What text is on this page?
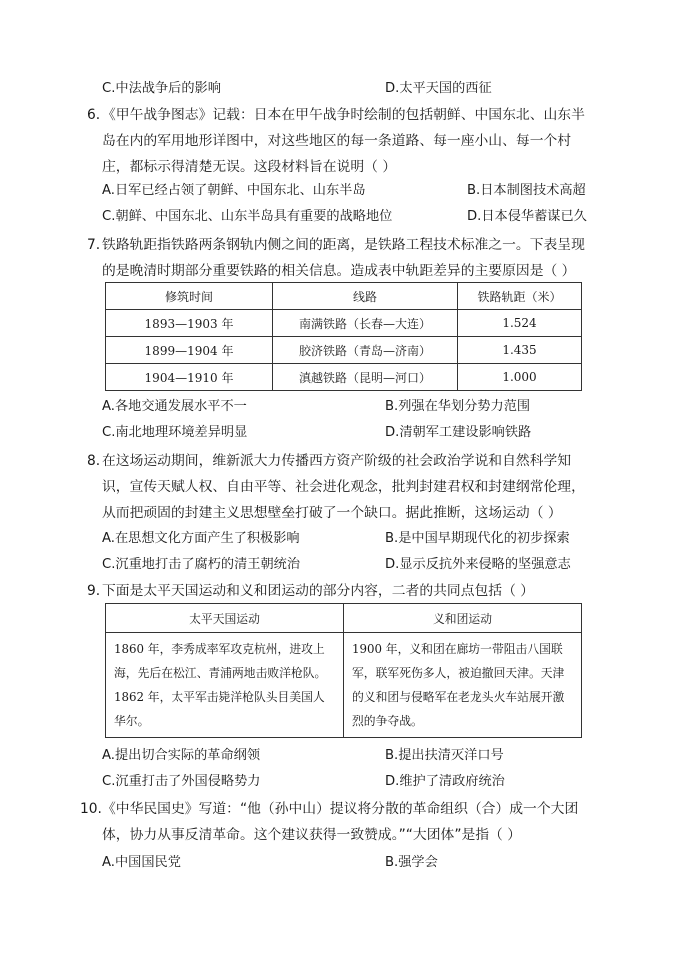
C.中法战争后的影响	D.太平天国的西征
6. 《甲午战争图志》记载：日本在甲午战争时绘制的包括朝鲜、中国东北、山东半岛在内的军用地形详图中，对这些地区的每一条道路、每一座小山、每一个村庄，都标示得清楚无误。这段材料旨在说明（ ）
A.日军已经占领了朝鲜、中国东北、山东半岛	B.日本制图技术高超
C.朝鲜、中国东北、山东半岛具有重要的战略地位	D.日本侵华蓄谋已久
7. 铁路轨距指铁路两条钢轨内侧之间的距离，是铁路工程技术标准之一。下表呈现的是晚清时期部分重要铁路的相关信息。造成表中轨距差异的主要原因是（ ）
修筑时间	线路	铁路轨距（米）
1893—1903 年	南满铁路（长春—大连）	1.524
1899—1904 年	胶济铁路（青岛—济南）	1.435
1904—1910 年	滇越铁路（昆明—河口）	1.000
A.各地交通发展水平不一	B.列强在华划分势力范围
C.南北地理环境差异明显	D.清朝军工建设影响铁路
8. 在这场运动期间，维新派大力传播西方资产阶级的社会政治学说和自然科学知识，宣传天赋人权、自由平等、社会进化观念，批判封建君权和封建纲常伦理，从而把顽固的封建主义思想壁垒打破了一个缺口。据此推断，这场运动（ ）
A.在思想文化方面产生了积极影响	B.是中国早期现代化的初步探索
C.沉重地打击了腐朽的清王朝统治	D.显示反抗外来侵略的坚强意志
9. 下面是太平天国运动和义和团运动的部分内容，二者的共同点包括（ ）
太平天国运动	义和团运动
1860 年，李秀成率军攻克杭州，进攻上海，先后在松江、青浦两地击败洋枪队。1862 年，太平军击毙洋枪队头目美国人华尔。	1900 年，义和团在廊坊一带阻击八国联军，联军死伤多人，被迫撤回天津。天津的义和团与侵略军在老龙头火车站展开激烈的争夺战。
A.提出切合实际的革命纲领	B.提出扶清灭洋口号
C.沉重打击了外国侵略势力	D.维护了清政府统治
10. 《中华民国史》写道：“他（孙中山）提议将分散的革命组织（合）成一个大团体，协力从事反清革命。这个建议获得一致赞成。”“大团体”是指（ ）
A.中国国民党	B.强学会
